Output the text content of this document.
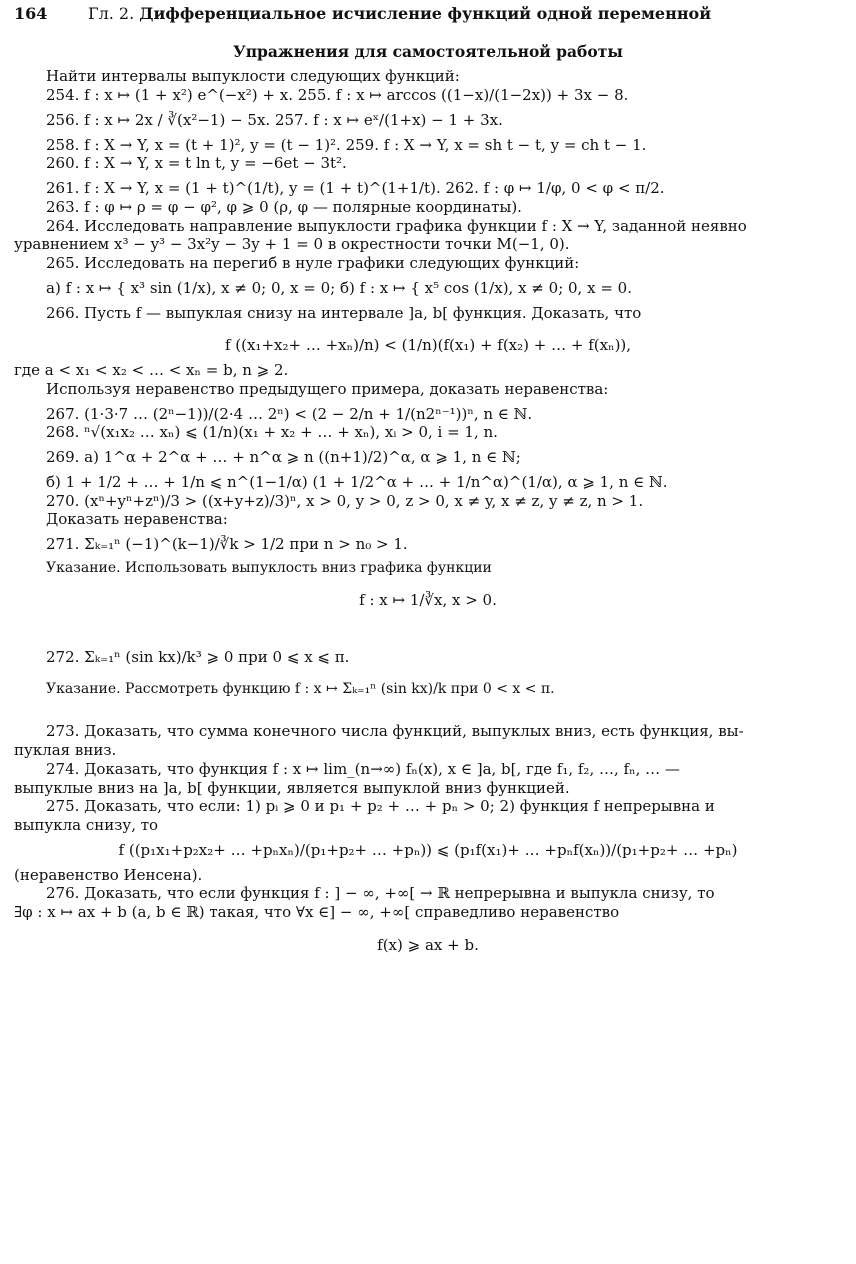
164	Гл. 2. Дифференциальное исчисление функций одной переменной
Упражнения для самостоятельной работы
Найти интервалы выпуклости следующих функций:
254. f : x ↦ (1 + x²) e^(−x²) + x. 255. f : x ↦ arccos ((1−x)/(1−2x)) + 3x − 8.
256. f : x ↦ 2x / ∛(x²−1) − 5x. 257. f : x ↦ eˣ/(1+x) − 1 + 3x.
258. f : X → Y, x = (t + 1)², y = (t − 1)². 259. f : X → Y, x = sh t − t, y = ch t − 1.
260. f : X → Y, x = t ln t, y = −6et − 3t².
261. f : X → Y, x = (1 + t)^(1/t), y = (1 + t)^(1+1/t). 262. f : φ ↦ 1/φ, 0 < φ < π/2.
263. f : φ ↦ ρ = φ − φ², φ ⩾ 0 (ρ, φ — полярные координаты).
264. Исследовать направление выпуклости графика функции f : X → Y, заданной неявно
уравнением x³ − y³ − 3x²y − 3y + 1 = 0 в окрестности точки M(−1, 0).
265. Исследовать на перегиб в нуле графики следующих функций:
а) f : x ↦ { x³ sin (1/x), x ≠ 0; 0, x = 0; б) f : x ↦ { x⁵ cos (1/x), x ≠ 0; 0, x = 0.
266. Пусть f — выпуклая снизу на интервале ]a, b[ функция. Доказать, что
f ((x₁+x₂+ … +xₙ)/n) < (1/n)(f(x₁) + f(x₂) + … + f(xₙ)),
где a < x₁ < x₂ < … < xₙ = b, n ⩾ 2.
Используя неравенство предыдущего примера, доказать неравенства:
267. (1·3·7 … (2ⁿ−1))/(2·4 … 2ⁿ) < (2 − 2/n + 1/(n2ⁿ⁻¹))ⁿ, n ∈ ℕ.
268. ⁿ√(x₁x₂ … xₙ) ⩽ (1/n)(x₁ + x₂ + … + xₙ), xᵢ > 0, i = 1, n.
269. а) 1^α + 2^α + … + n^α ⩾ n ((n+1)/2)^α, α ⩾ 1, n ∈ ℕ;
б) 1 + 1/2 + … + 1/n ⩽ n^(1−1/α) (1 + 1/2^α + … + 1/n^α)^(1/α), α ⩾ 1, n ∈ ℕ.
270. (xⁿ+yⁿ+zⁿ)/3 > ((x+y+z)/3)ⁿ, x > 0, y > 0, z > 0, x ≠ y, x ≠ z, y ≠ z, n > 1.
Доказать неравенства:
271. Σₖ₌₁ⁿ (−1)^(k−1)/∛k > 1/2 при n > n₀ > 1.
Указание. Использовать выпуклость вниз графика функции
f : x ↦ 1/∛x, x > 0.
272. Σₖ₌₁ⁿ (sin kx)/k³ ⩾ 0 при 0 ⩽ x ⩽ π.
Указание. Рассмотреть функцию f : x ↦ Σₖ₌₁ⁿ (sin kx)/k при 0 < x < π.
273. Доказать, что сумма конечного числа функций, выпуклых вниз, есть функция, вы-
пуклая вниз.
274. Доказать, что функция f : x ↦ lim_(n→∞) fₙ(x), x ∈ ]a, b[, где f₁, f₂, …, fₙ, … —
выпуклые вниз на ]a, b[ функции, является выпуклой вниз функцией.
275. Доказать, что если: 1) pᵢ ⩾ 0 и p₁ + p₂ + … + pₙ > 0; 2) функция f непрерывна и
выпукла снизу, то
f ((p₁x₁+p₂x₂+ … +pₙxₙ)/(p₁+p₂+ … +pₙ)) ⩽ (p₁f(x₁)+ … +pₙf(xₙ))/(p₁+p₂+ … +pₙ)
(неравенство Иенсена).
276. Доказать, что если функция f : ] − ∞, +∞[ → ℝ непрерывна и выпукла снизу, то
∃φ : x ↦ ax + b (a, b ∈ ℝ) такая, что ∀x ∈] − ∞, +∞[ справедливо неравенство
f(x) ⩾ ax + b.
